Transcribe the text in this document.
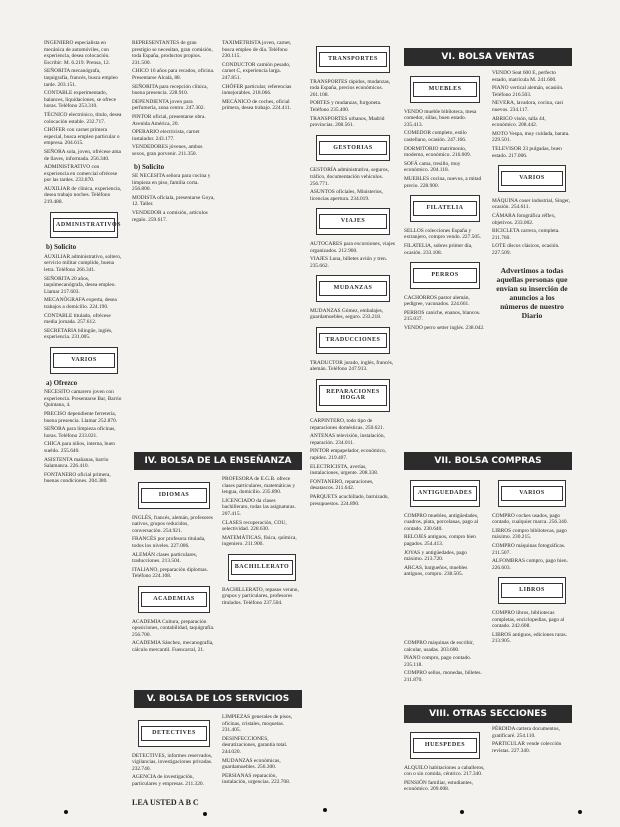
INGENIERO especialista en mecánica de automóviles, con experiencia, desea colocación. Escribir: M. 6.219. Prensa, 12.
SEÑORITA mecanógrafa, taquigrafía, francés, busca empleo tarde. 203.151.
CONTABLE experimentado, balances, liquidaciones, se ofrece horas. Teléfono 253.310.
TÉCNICO electrónico, título, desea colocación estable. 232.717.
CHÓFER con carnet primera especial, busca empleo particular o empresa. 204.615.
SEÑORA sola, joven, ofrécese ama de llaves, informada. 256.340.
ADMINISTRATIVO con experiencia en comercial ofrécese por las tardes. 233.870.
AUXILIAR de clínica, experiencia, desea trabajo noches. Teléfono 219.488.
ADMINISTRATIVOS
b) Solicito
AUXILIAR administrativo, soltero, servicio militar cumplido, buena letra. Teléfono 266.341.
SEÑORITA 20 años, taquimecanógrafa, desea empleo. Llamar 217.603.
MECANÓGRAFA experta, desea trabajos a domicilio. 224.190.
CONTABLE titulado, ofrécese media jornada. 257.612.
SECRETARIA bilingüe, inglés, experiencia. 231.005.
VARIOS
a) Ofrezco
NECESITO camarero joven con experiencia. Presentarse Bar, Barrio Quintana, 4.
PRECISO dependiente ferretería, buena presencia. Llamar 252.870.
SEÑORA para limpieza oficinas, horas. Teléfono 233.021.
CHICA para niños, interna, buen sueldo. 255.640.
ASISTENTA mañanas, barrio Salamanca. 226.410.
FONTANERO oficial primera, buenas condiciones. 204.380.
REPRESENTANTES de gran prestigio se necesitan, gran comisión, toda España, productos propios. 231.500.
CHICO 16 años para recados, oficina. Presentarse Alcalá, 88.
SEÑORITA para recepción clínica, buena presencia. 228.910.
DEPENDIENTA joven para perfumería, zona centro. 247.302.
PINTOR oficial, presentarse obra. Avenida América, 20.
OPERARIO electricista, carnet instalador. 243.177.
VENDEDORES jóvenes, ambos sexos, gran porvenir. 211.350.
b) Solicito
SE NECESITA señora para cocina y limpieza en piso, familia corta. 256.800.
MODISTA oficiala, presentarse Goya, 12. Taller.
VENDEDOR a comisión, artículos regalo. 259.617.
TAXIMETRISTA joven, carnet, busca empleo de día. Teléfono 230.115.
CONDUCTOR camión pesado, carnet C, experiencia larga. 247.851.
CHÓFER particular, referencias inmejorables. 218.066.
MECÁNICO de coches, oficial primera, desea trabajo. 224.411.
IV. BOLSA DE LA ENSEÑANZA
IDIOMAS
INGLÉS, francés, alemán, profesores nativos, grupos reducidos, conversación. 254.921.
FRANCÉS por profesora titulada, todos los niveles. 227.006.
ALEMÁN clases particulares, traducciones. 213.504.
ITALIANO, preparación diplomas. Teléfono 224.108.
ACADEMIAS
ACADEMIA Cultura, preparación oposiciones, contabilidad, taquigrafía. 256.700.
ACADEMIA Sánchez, mecanografía, cálculo mercantil. Fuencarral, 21.
PROFESORA de E.G.B. ofrece clases particulares, matemáticas y lengua, domicilio. 235.890.
LICENCIADO da clases bachillerato, todas las asignaturas. 207.415.
CLASES recuperación, COU, selectividad. 228.630.
MATEMÁTICAS, física, química, ingeniero. 211.900.
BACHILLERATO
BACHILLERATO, repasos verano, grupos y particulares, profesores titulados. Teléfono 237.504.
V. BOLSA DE LOS SERVICIOS
DETECTIVES
DETECTIVES, informes reservados, vigilancias, investigaciones privadas. 232.740.
AGENCIA de investigación, particulares y empresas. 211.320.
LIMPIEZAS generales de pisos, oficinas, cristales, moquetas. 231.405.
DESINFECCIONES, desratizaciones, garantía total. 244.020.
MUDANZAS económicas, guardamuebles. 256.300.
PERSIANAS reparación, instalación, urgencias. 222.708.
LEA USTED A B C
TRANSPORTES
TRANSPORTES rápidos, mudanzas, toda España, precios económicos. 261.108.
PORTES y mudanzas, furgoneta. Teléfono 235.400.
TRANSPORTES urbanos, Madrid provincias. 208.561.
GESTORIAS
GESTORÍA administrativa, seguros, tráfico, documentación vehículos. 256.771.
ASUNTOS oficiales, Ministerios, licencias apertura. 234.019.
VIAJES
AUTOCARES para excursiones, viajes organizados. 212.900.
VIAJES Luna, billetes avión y tren. 235.662.
MUDANZAS
MUDANZAS Gómez, embalajes, guardamuebles, seguro. 233.218.
TRADUCCIONES
TRADUCTOR jurado, inglés, francés, alemán. Teléfono 247.913.
REPARACIONES HOGAR
CARPINTERO, todo tipo de reparaciones domésticas. 250.621.
ANTENAS televisión, instalación, reparación. 234.011.
PINTOR empapelador, económico, rapidez. 219.407.
ELECTRICISTA, averías, instalaciones, urgente. 208.338.
FONTANERO, reparaciones, desatascos. 211.642.
PARQUETS acuchillado, barnizado, presupuestos. 224.890.
VI. BOLSA VENTAS
MUEBLES
VENDO mueble biblioteca, mesa comedor, sillas, buen estado. 235.413.
COMEDOR completo, estilo castellano, ocasión. 247.166.
DORMITORIO matrimonio, moderno, económico. 216.009.
SOFÁ cama, tresillo, muy económico. 204.118.
MUEBLES cocina, nuevos, a mitad precio. 228.900.
FILATELIA
SELLOS colecciones España y extranjero, compro vendo. 227.505.
FILATELIA, sobres primer día, ocasión. 233.108.
PERROS
CACHORROS pastor alemán, pedigree, vacunados. 224.661.
PERROS caniche, enanos, blancos. 215.037.
VENDO perro setter inglés. 238.042.
VENDO Seat 600 E, perfecto estado, matrícula M. 241.600.
PIANO vertical alemán, ocasión. Teléfono 216.503.
NEVERA, lavadora, cocina, casi nuevos. 234.117.
ABRIGO visón, talla 44, económico. 208.442.
MOTO Vespa, muy cuidada, barata. 229.501.
TELEVISOR 23 pulgadas, buen estado. 217.006.
VARIOS
MÁQUINA coser industrial, Singer, ocasión. 254.611.
CÁMARA fotográfica réflex, objetivos. 233.002.
BICICLETA carrera, completa. 211.760.
LOTE discos clásicos, ocasión. 227.509.
Advertimos a todas aquellas personas que envían su inserción de anuncios a los números de nuestro Diario
VII. BOLSA COMPRAS
ANTIGUEDADES
COMPRO muebles, antigüedades, cuadros, plata, porcelanas, pago al contado. 230.640.
RELOJES antiguos, compro bien pagados. 254.413.
JOYAS y antigüedades, pago máximo. 213.720.
ARCAS, bargueños, muebles antiguos, compro. 238.505.
VARIOS
COMPRO coches usados, pago contado, cualquier marca. 256.340.
LIBROS compro bibliotecas, pago máximo. 230.215.
COMPRO máquinas fotográficas. 211.507.
ALFOMBRAS compro, pago bien. 226.603.
LIBROS
COMPRO libros, bibliotecas completas, enciclopedias, pago al contado. 242.608.
LIBROS antiguos, ediciones raras. 213.905.
VIII. OTRAS SECCIONES
HUESPEDES
ALQUILO habitaciones a caballeros, con o sin comida, céntrico. 217.340.
PENSIÓN familiar, estudiantes, económico. 209.008.
PÉRDIDA cartera documentos, gratificaré. 254.110.
PARTICULAR vende colección revistas. 227.340.
COMPRO máquinas de escribir, calcular, usadas. 203.600.
PIANO compro, pago contado. 235.118.
COMPRO sellos, monedas, billetes. 211.870.
